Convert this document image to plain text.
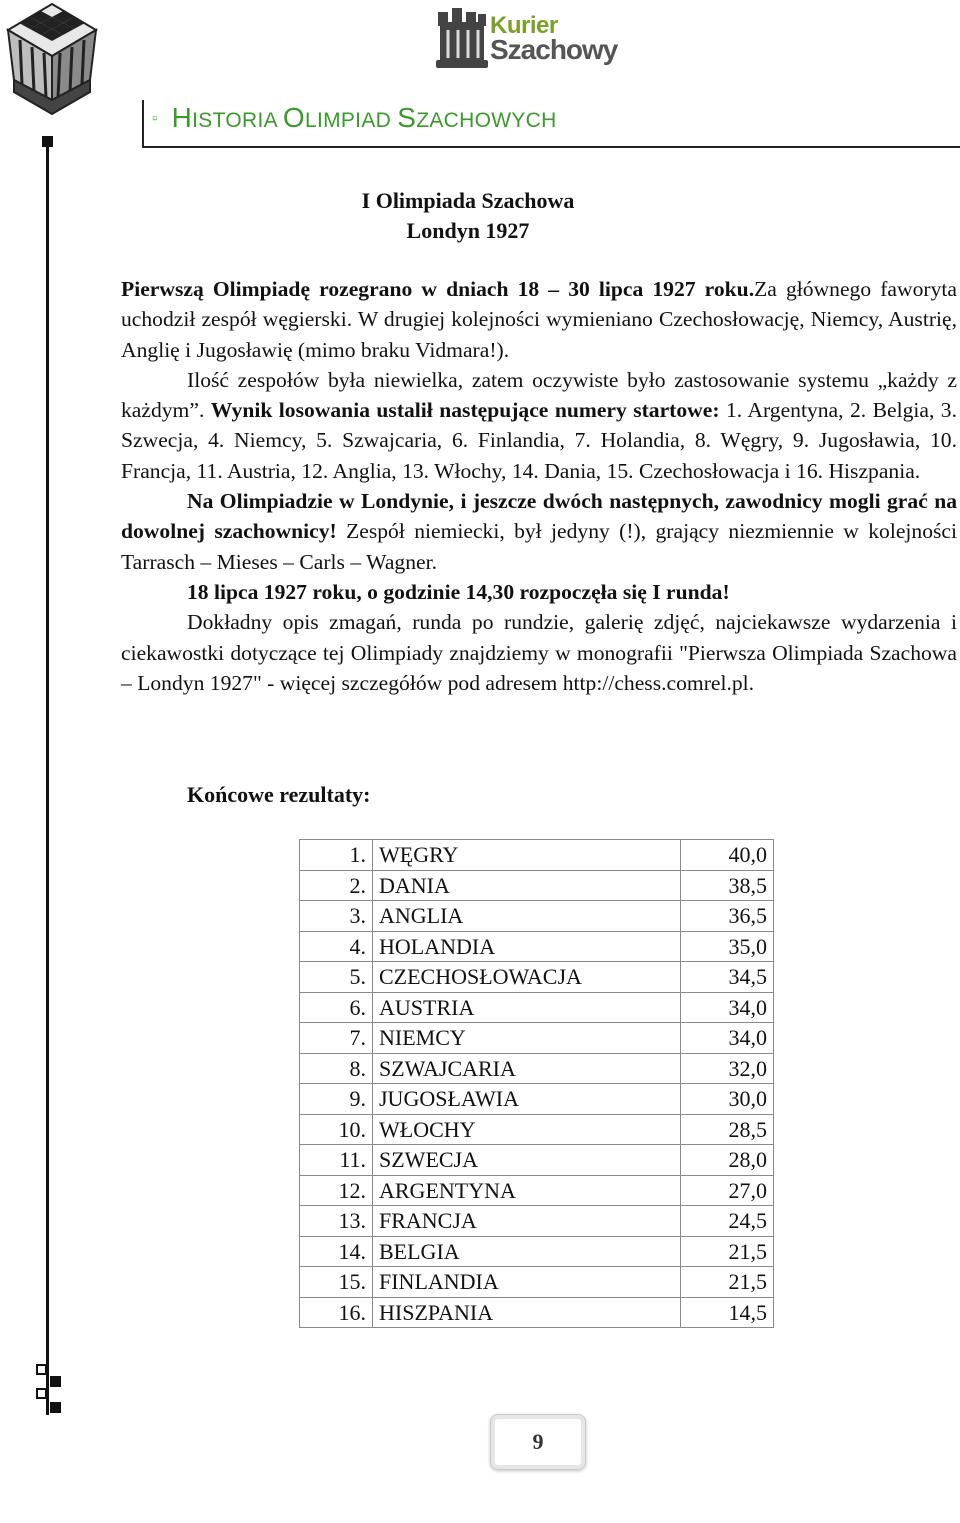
Kurier
Szachowy
▫ HISTORIA OLIMPIAD SZACHOWYCH
I Olimpiada Szachowa
Londyn 1927

Pierwszą Olimpiadę rozegrano w dniach 18 – 30 lipca 1927 roku.Za głównego faworyta uchodził zespół węgierski. W drugiej kolejności wymieniano Czechosłowację, Niemcy, Austrię, Anglię i Jugosławię (mimo braku Vidmara!).

Ilość zespołów była niewielka, zatem oczywiste było zastosowanie systemu „każdy z każdym”. Wynik losowania ustalił następujące numery startowe: 1. Argentyna, 2. Belgia, 3. Szwecja, 4. Niemcy, 5. Szwajcaria, 6. Finlandia, 7. Holandia, 8. Węgry, 9. Jugosławia, 10. Francja, 11. Austria, 12. Anglia, 13. Włochy, 14. Dania, 15. Czechosłowacja i 16. Hiszpania.

Na Olimpiadzie w Londynie, i jeszcze dwóch następnych, zawodnicy mogli grać na dowolnej szachownicy! Zespół niemiecki, był jedyny (!), grający niezmiennie w kolejności Tarrasch – Mieses – Carls – Wagner.

18 lipca 1927 roku, o godzinie 14,30 rozpoczęła się I runda!

Dokładny opis zmagań, runda po rundzie, galerię zdjęć, najciekawsze wydarzenia i ciekawostki dotyczące tej Olimpiady znajdziemy w monografii "Pierwsza Olimpiada Szachowa – Londyn 1927" - więcej szczegółów pod adresem http://chess.comrel.pl.

Końcowe rezultaty:
1.	WĘGRY	40,0
2.	DANIA	38,5
3.	ANGLIA	36,5
4.	HOLANDIA	35,0
5.	CZECHOSŁOWACJA	34,5
6.	AUSTRIA	34,0
7.	NIEMCY	34,0
8.	SZWAJCARIA	32,0
9.	JUGOSŁAWIA	30,0
10.	WŁOCHY	28,5
11.	SZWECJA	28,0
12.	ARGENTYNA	27,0
13.	FRANCJA	24,5
14.	BELGIA	21,5
15.	FINLANDIA	21,5
16.	HISZPANIA	14,5
9
